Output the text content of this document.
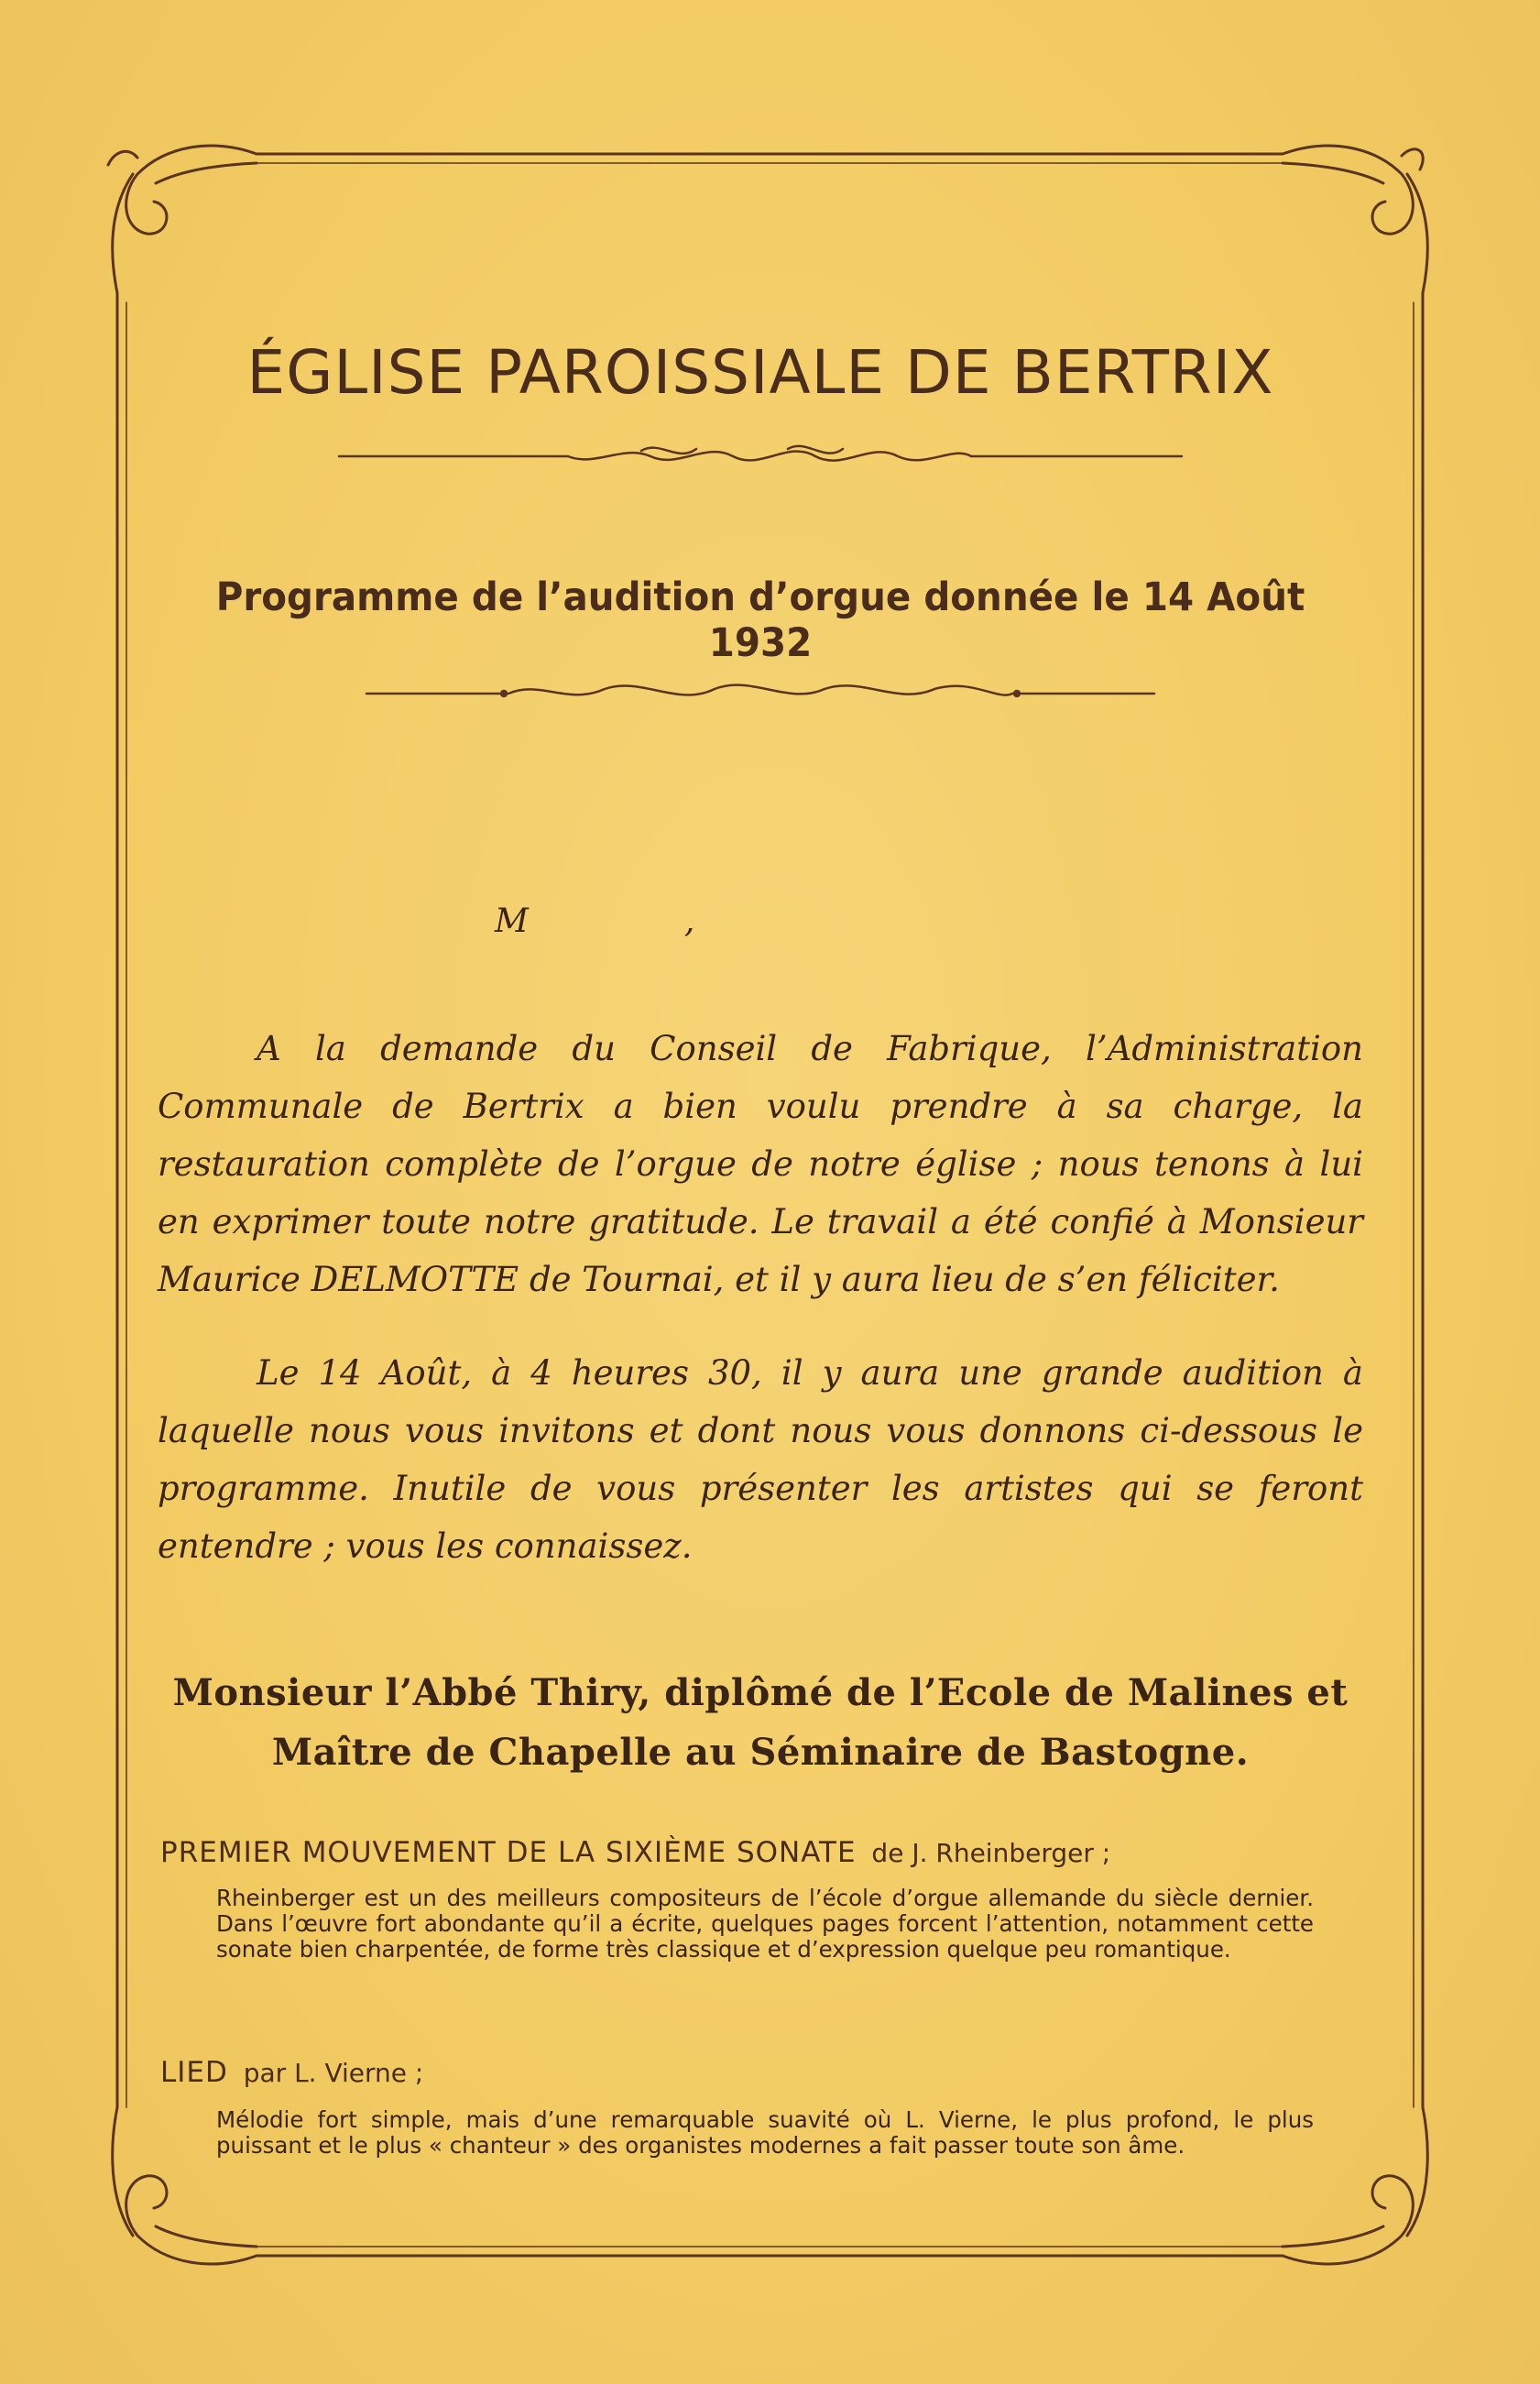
ÉGLISE PAROISSIALE DE BERTRIX
Programme de l’audition d’orgue donnée le 14 Août 1932
M	,

A la demande du Conseil de Fabrique, l’Administration Communale de Bertrix a bien voulu prendre à sa charge, la restauration complète de l’orgue de notre église ; nous tenons à lui en exprimer toute notre gratitude. Le travail a été confié à Monsieur Maurice DELMOTTE de Tournai, et il y aura lieu de s’en féliciter.

Le 14 Août, à 4 heures 30, il y aura une grande audition à laquelle nous vous invitons et dont nous vous donnons ci-dessous le programme. Inutile de vous présenter les artistes qui se feront entendre ; vous les connaissez.

Monsieur l’Abbé Thiry, diplômé de l’Ecole de Malines et Maître de Chapelle au Séminaire de Bastogne.

PREMIER MOUVEMENT DE LA SIXIÈME SONATE de J. Rheinberger ;

Rheinberger est un des meilleurs compositeurs de l’école d’orgue allemande du siècle dernier. Dans l’œuvre fort abondante qu’il a écrite, quelques pages forcent l’attention, notamment cette sonate bien charpentée, de forme très classique et d’expression quelque peu romantique.

LIED par L. Vierne ;

Mélodie fort simple, mais d’une remarquable suavité où L. Vierne, le plus profond, le plus puissant et le plus « chanteur » des organistes modernes a fait passer toute son âme.
